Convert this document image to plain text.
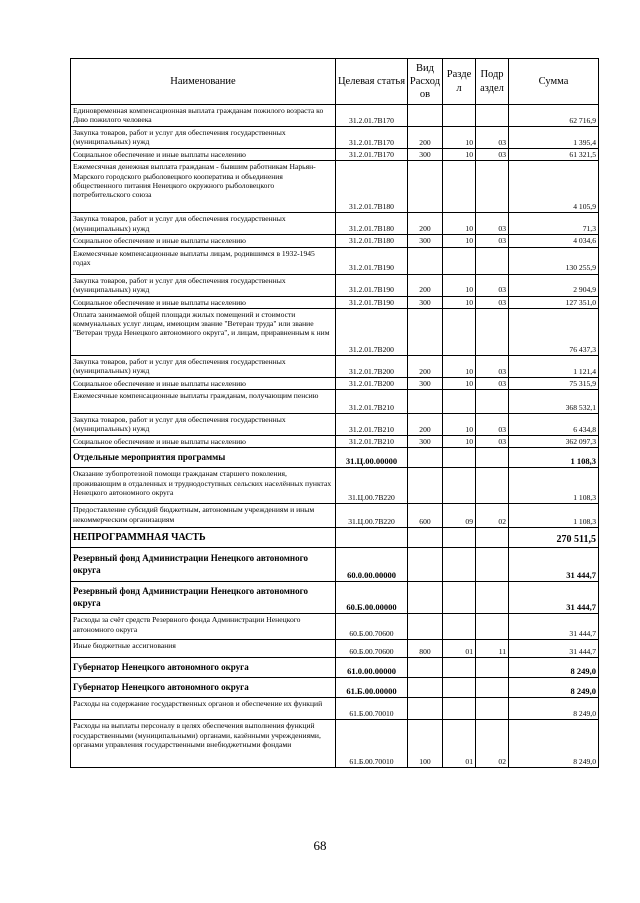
Наименование	Целевая статья	Вид Расход ов	Разде л	Подр аздел	Сумма
Единовременная компенсационная выплата гражданам пожилого возраста ко Дню пожилого человека	31.2.01.7В170				62 716,9
Закупка товаров, работ и услуг для обеспечения государственных (муниципальных) нужд	31.2.01.7В170	200	10	03	1 395,4
Социальное обеспечение и иные выплаты населению	31.2.01.7В170	300	10	03	61 321,5
Ежемесячная денежная выплата гражданам - бывшим работникам Нарьян-Марского городского рыболовецкого кооператива и объединения общественного питания Ненецкого окружного рыболовецкого потребительского союза	31.2.01.7В180				4 105,9
Закупка товаров, работ и услуг для обеспечения государственных (муниципальных) нужд	31.2.01.7В180	200	10	03	71,3
Социальное обеспечение и иные выплаты населению	31.2.01.7В180	300	10	03	4 034,6
Ежемесячные компенсационные выплаты лицам, родившимся в 1932-1945 годах	31.2.01.7В190				130 255,9
Закупка товаров, работ и услуг для обеспечения государственных (муниципальных) нужд	31.2.01.7В190	200	10	03	2 904,9
Социальное обеспечение и иные выплаты населению	31.2.01.7В190	300	10	03	127 351,0
Оплата занимаемой общей площади жилых помещений и стоимости коммунальных услуг лицам, имеющим звание "Ветеран труда" или звание "Ветеран труда Ненецкого автономного округа", и лицам, приравненным к ним	31.2.01.7В200				76 437,3
Закупка товаров, работ и услуг для обеспечения государственных (муниципальных) нужд	31.2.01.7В200	200	10	03	1 121,4
Социальное обеспечение и иные выплаты населению	31.2.01.7В200	300	10	03	75 315,9
Ежемесячные компенсационные выплаты гражданам, получающим пенсию	31.2.01.7В210				368 532,1
Закупка товаров, работ и услуг для обеспечения государственных (муниципальных) нужд	31.2.01.7В210	200	10	03	6 434,8
Социальное обеспечение и иные выплаты населению	31.2.01.7В210	300	10	03	362 097,3
Отдельные мероприятия программы	31.Ц.00.00000				1 108,3
Оказание зубопротезной помощи гражданам старшего поколения, проживающим в отдаленных и труднодоступных сельских населённых пунктах Ненецкого автономного округа	31.Ц.00.7В220				1 108,3
Предоставление субсидий бюджетным, автономным учреждениям и иным некоммерческим организациям	31.Ц.00.7В220	600	09	02	1 108,3
НЕПРОГРАММНАЯ ЧАСТЬ					270 511,5
Резервный фонд Администрации Ненецкого автономного округа	60.0.00.00000				31 444,7
Резервный фонд Администрации Ненецкого автономного округа	60.Б.00.00000				31 444,7
Расходы за счёт средств Резервного фонда Администрации Ненецкого автономного округа	60.Б.00.70600				31 444,7
Иные бюджетные ассигнования	60.Б.00.70600	800	01	11	31 444,7
Губернатор Ненецкого автономного округа	61.0.00.00000				8 249,0
Губернатор Ненецкого автономного округа	61.Б.00.00000				8 249,0
Расходы на содержание государственных органов и обеспечение их функций	61.Б.00.70010				8 249,0
Расходы на выплаты персоналу в целях обеспечения выполнения функций государственными (муниципальными) органами, казёнными учреждениями, органами управления государственными внебюджетными фондами	61.Б.00.70010	100	01	02	8 249,0
68
